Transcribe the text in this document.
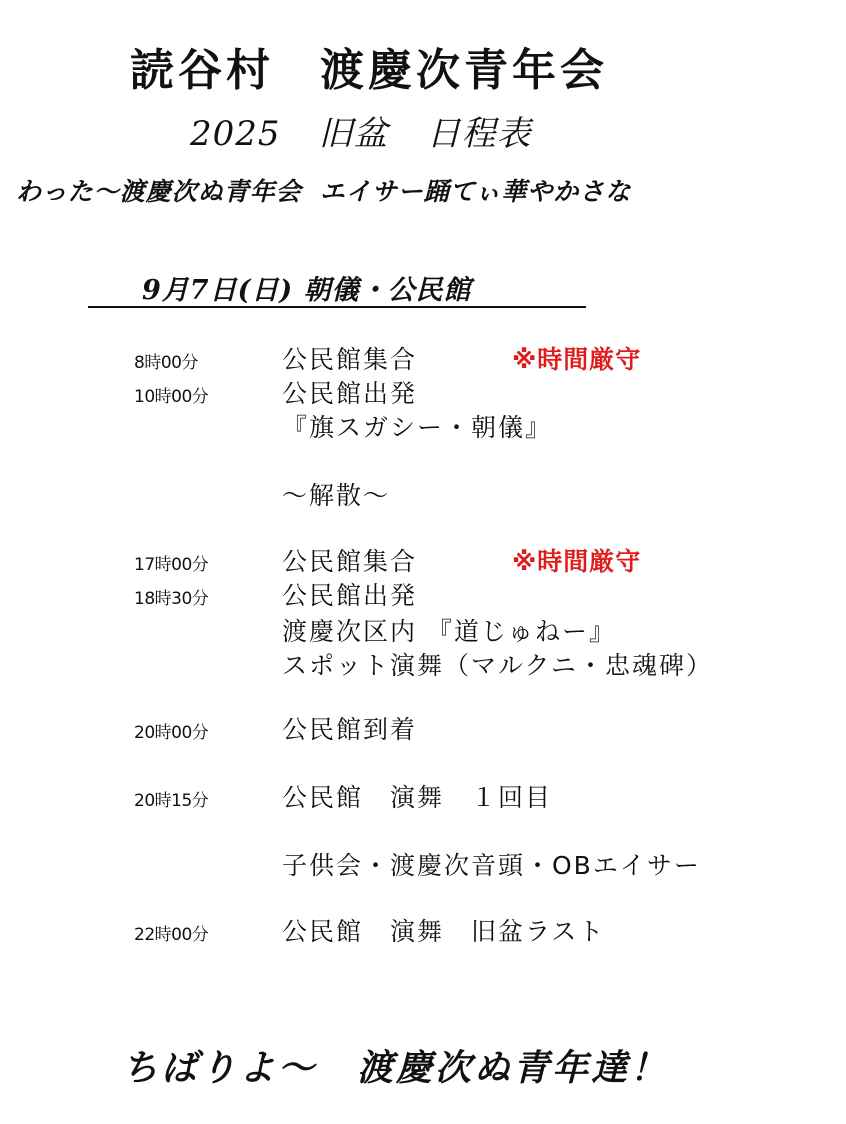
読谷村 渡慶次青年会
2025 旧盆 日程表
わった～渡慶次ぬ青年会 エイサー踊てぃ華やかさな
9月7日(日) 朝儀・公民館
8時00分	公民館集合	※時間厳守
10時00分	公民館出発
『旗スガシー・朝儀』
～解散～
17時00分	公民館集合	※時間厳守
18時30分	公民館出発
渡慶次区内 『道じゅねー』
スポット演舞（マルクニ・忠魂碑）
20時00分	公民館到着
20時15分	公民館　演舞　１回目
子供会・渡慶次音頭・OBエイサー
22時00分	公民館　演舞　旧盆ラスト
ちばりよ～ 渡慶次ぬ青年達！
